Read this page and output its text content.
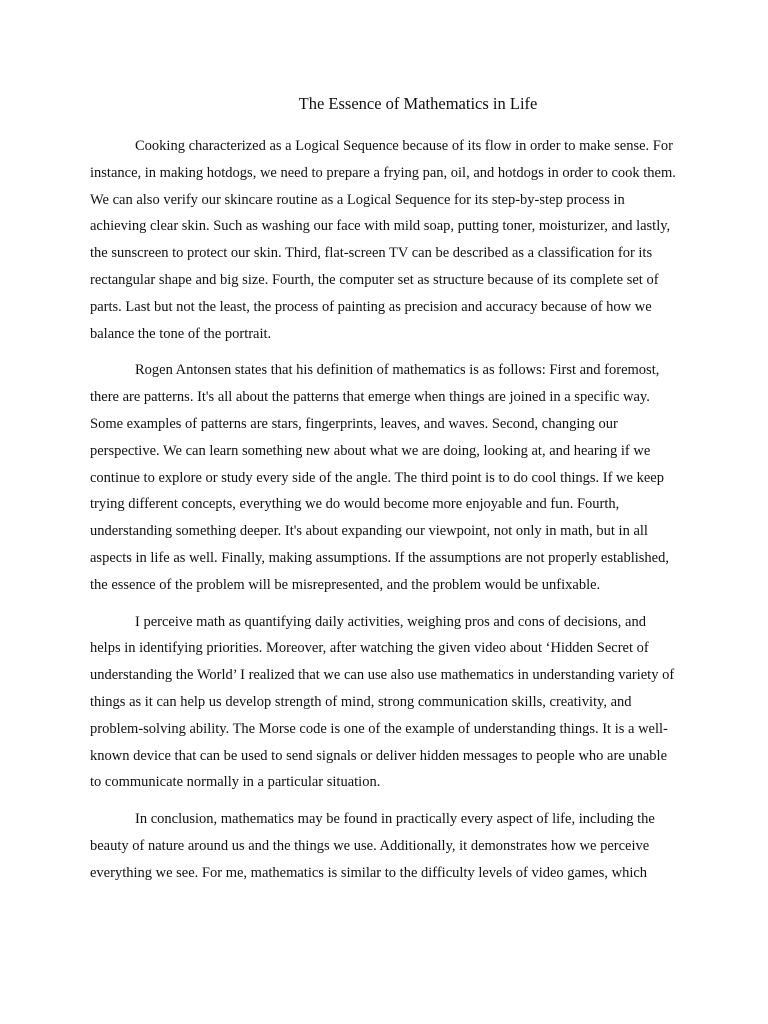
The Essence of Mathematics in Life

Cooking characterized as a Logical Sequence because of its flow in order to make sense. For instance, in making hotdogs, we need to prepare a frying pan, oil, and hotdogs in order to cook them. We can also verify our skincare routine as a Logical Sequence for its step-by-step process in achieving clear skin. Such as washing our face with mild soap, putting toner, moisturizer, and lastly, the sunscreen to protect our skin. Third, flat-screen TV can be described as a classification for its rectangular shape and big size. Fourth, the computer set as structure because of its complete set of parts. Last but not the least, the process of painting as precision and accuracy because of how we balance the tone of the portrait.

Rogen Antonsen states that his definition of mathematics is as follows: First and foremost, there are patterns. It's all about the patterns that emerge when things are joined in a specific way. Some examples of patterns are stars, fingerprints, leaves, and waves. Second, changing our perspective. We can learn something new about what we are doing, looking at, and hearing if we continue to explore or study every side of the angle. The third point is to do cool things. If we keep trying different concepts, everything we do would become more enjoyable and fun. Fourth, understanding something deeper. It's about expanding our viewpoint, not only in math, but in all aspects in life as well. Finally, making assumptions. If the assumptions are not properly established, the essence of the problem will be misrepresented, and the problem would be unfixable.

I perceive math as quantifying daily activities, weighing pros and cons of decisions, and helps in identifying priorities. Moreover, after watching the given video about ‘Hidden Secret of understanding the World’ I realized that we can use also use mathematics in understanding variety of things as it can help us develop strength of mind, strong communication skills, creativity, and problem-solving ability. The Morse code is one of the example of understanding things. It is a well-known device that can be used to send signals or deliver hidden messages to people who are unable to communicate normally in a particular situation.

In conclusion, mathematics may be found in practically every aspect of life, including the beauty of nature around us and the things we use. Additionally, it demonstrates how we perceive everything we see. For me, mathematics is similar to the difficulty levels of video games, which
